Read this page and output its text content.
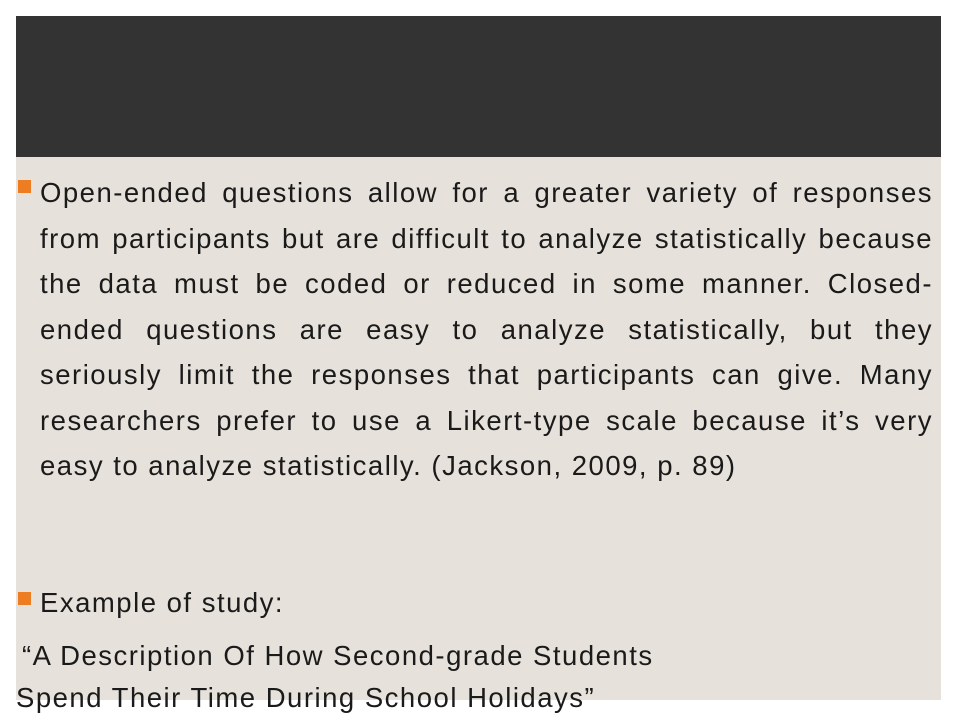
Open-ended questions allow for a greater variety of responses from participants but are difficult to analyze statistically because the data must be coded or reduced in some manner. Closed-ended questions are easy to analyze statistically, but they seriously limit the responses that participants can give. Many researchers prefer to use a Likert-type scale because it’s very easy to analyze statistically. (Jackson, 2009, p. 89)

Example of study:

“A Description Of How Second-grade Students
Spend Their Time During School Holidays”
